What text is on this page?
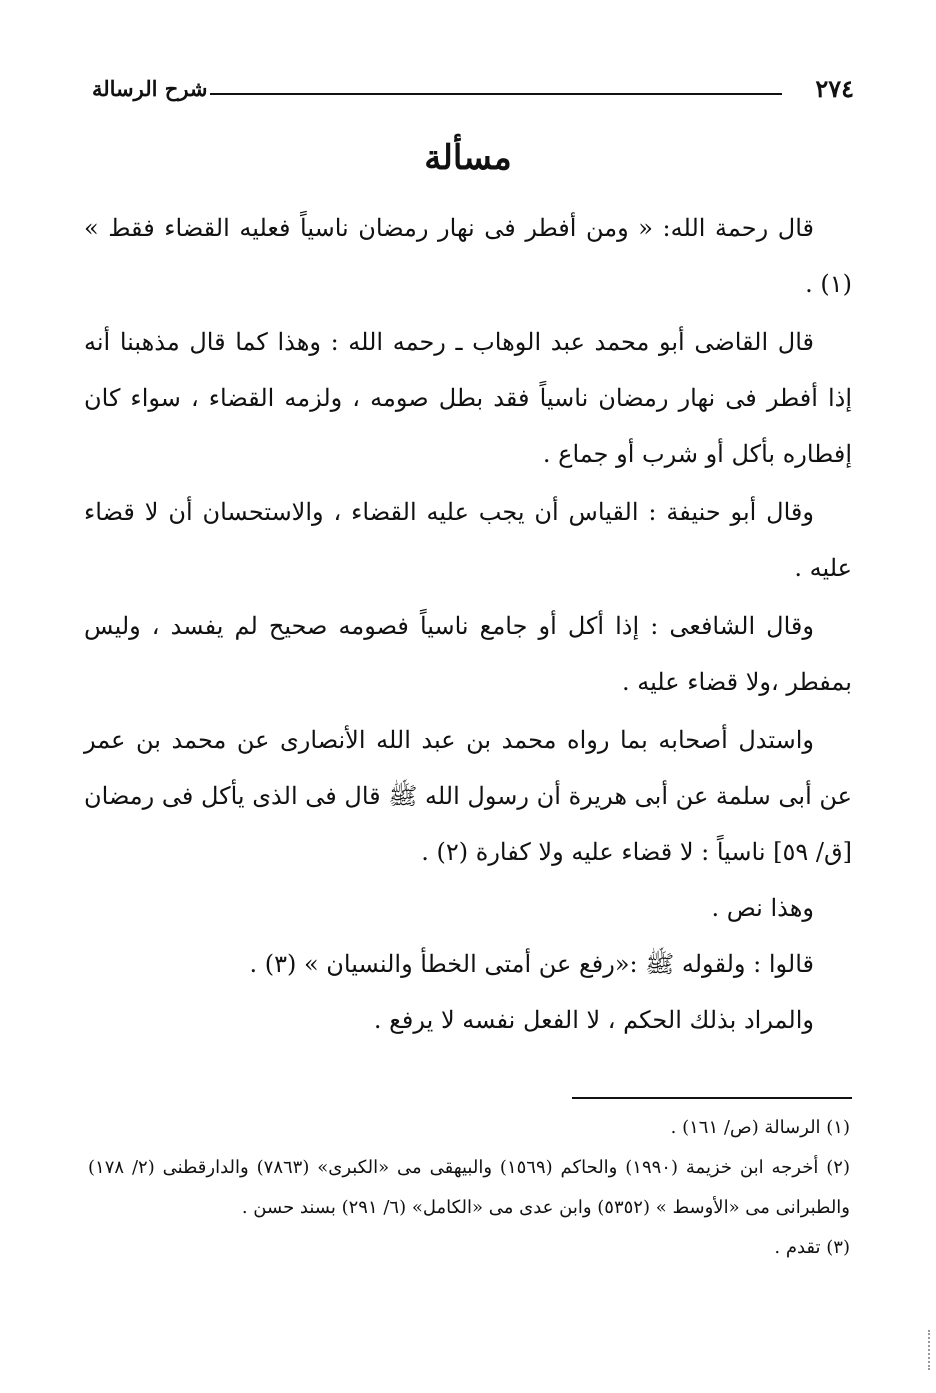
٢٧٤
شرح الرسالة
مسألة

قال رحمة الله: « ومن أفطر فى نهار رمضان ناسياً فعليه القضاء فقط » (١) .

قال القاضى أبو محمد عبد الوهاب ـ رحمه الله : وهذا كما قال مذهبنا أنه إذا أفطر فى نهار رمضان ناسياً فقد بطل صومه ، ولزمه القضاء ، سواء كان إفطاره بأكل أو شرب أو جماع .

وقال أبو حنيفة : القياس أن يجب عليه القضاء ، والاستحسان أن لا قضاء عليه .

وقال الشافعى : إذا أكل أو جامع ناسياً فصومه صحيح لم يفسد ، وليس بمفطر ،ولا قضاء عليه .

واستدل أصحابه بما رواه محمد بن عبد الله الأنصارى عن محمد بن عمر عن أبى سلمة عن أبى هريرة أن رسول الله ﷺ قال فى الذى يأكل فى رمضان [ق/ ٥٩] ناسياً : لا قضاء عليه ولا كفارة (٢) .

وهذا نص .

قالوا : ولقوله ﷺ :«رفع عن أمتى الخطأ والنسيان » (٣) .

والمراد بذلك الحكم ، لا الفعل نفسه لا يرفع .

(١) الرسالة (ص/ ١٦١) .

(٢) أخرجه ابن خزيمة (١٩٩٠) والحاكم (١٥٦٩) والبيهقى مى «الكبرى» (٧٨٦٣) والدارقطنى (٢/ ١٧٨) والطبرانى مى «الأوسط » (٥٣٥٢) وابن عدى مى «الكامل» (٦/ ٢٩١) بسند حسن .

(٣) تقدم .
